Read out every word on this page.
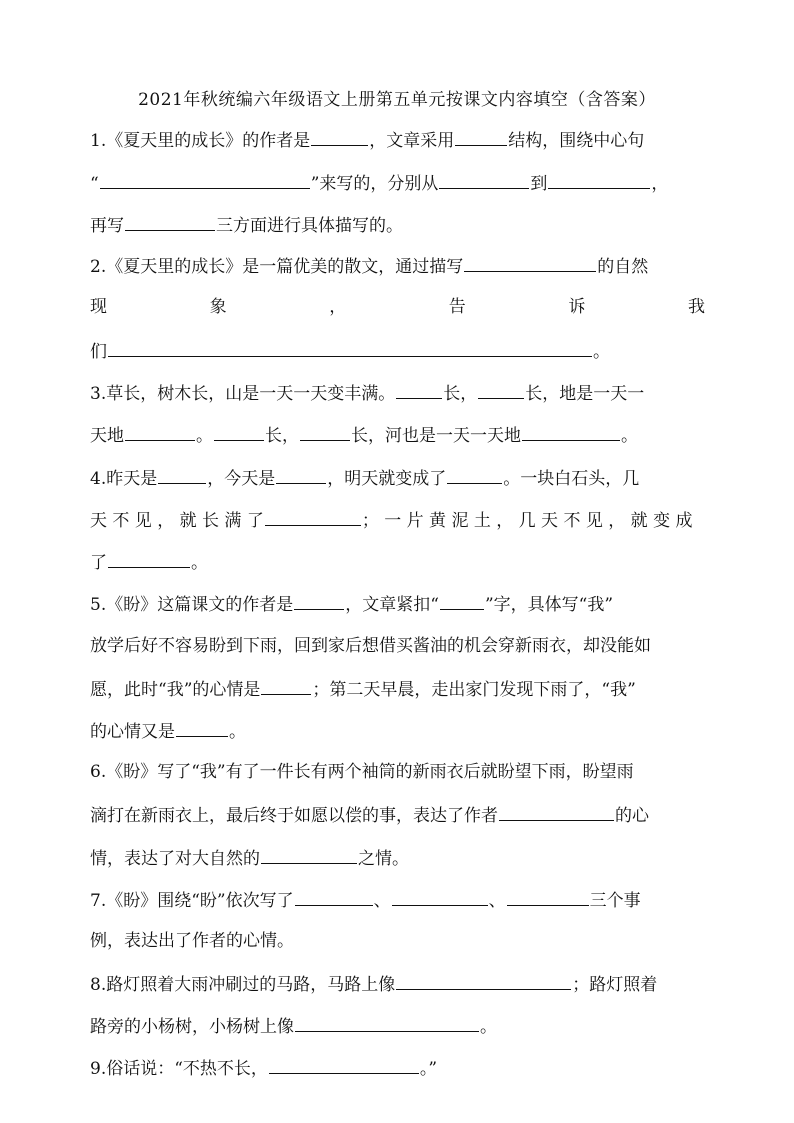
2021年秋统编六年级语文上册第五单元按课文内容填空（含答案）
1.《夏天里的成长》的作者是	，文章采用	结构，围绕中心句
“	”来写的，分别从	到	，
再写	三方面进行具体描写的。
2.《夏天里的成长》是一篇优美的散文，通过描写	的自然
现	象	，	告	诉	我
们	。
3.草长，树木长，山是一天一天变丰满。	长，	长，地是一天一
天地	。	长，	长，河也是一天一天地	。
4.昨天是	，今天是	，明天就变成了	。一块白石头，几
天 不 见 ， 就 长 满 了	； 一 片 黄 泥 土 ， 几 天 不 见 ， 就 变 成
了	。
5.《盼》这篇课文的作者是	，文章紧扣“	”字，具体写“我”
放学后好不容易盼到下雨，回到家后想借买酱油的机会穿新雨衣，却没能如
愿，此时“我”的心情是	；第二天早晨，走出家门发现下雨了，“我”
的心情又是	。
6.《盼》写了“我”有了一件长有两个袖筒的新雨衣后就盼望下雨，盼望雨
滴打在新雨衣上，最后终于如愿以偿的事，表达了作者	的心
情，表达了对大自然的	之情。
7.《盼》围绕“盼”依次写了	、	、	三个事
例，表达出了作者的心情。
8.路灯照着大雨冲刷过的马路，马路上像	；路灯照着
路旁的小杨树，小杨树上像	。
9.俗话说：“不热不长，	。”
